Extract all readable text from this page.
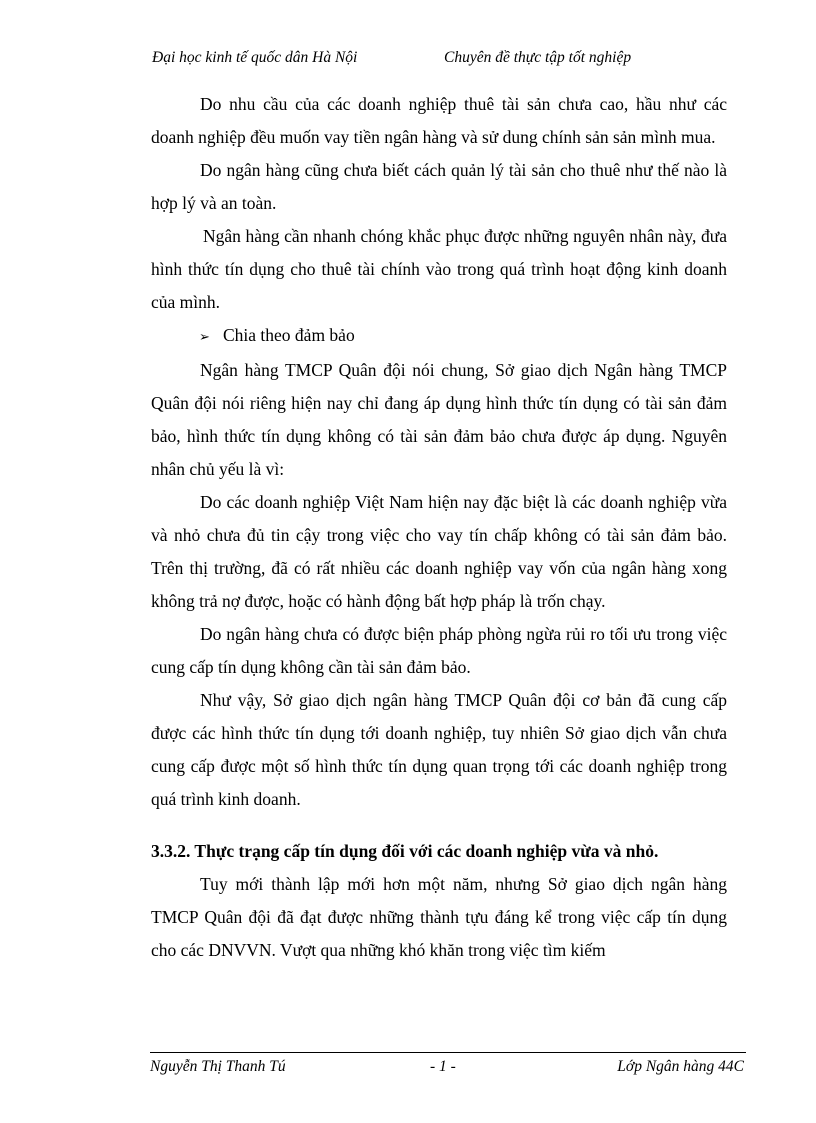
Đại học kinh tế quốc dân Hà Nội	Chuyên đề thực tập tốt nghiệp

Do nhu cầu của các doanh nghiệp thuê tài sản chưa cao, hầu như các doanh nghiệp đều muốn vay tiền ngân hàng và sử dung chính sản sản mình mua.

Do ngân hàng cũng chưa biết cách quản lý tài sản cho thuê như thế nào là hợp lý và an toàn.

Ngân hàng cần nhanh chóng khắc phục được những nguyên nhân này, đưa hình thức tín dụng cho thuê tài chính vào trong quá trình hoạt động kinh doanh của mình.

➢ Chia theo đảm bảo

Ngân hàng TMCP Quân đội nói chung, Sở giao dịch Ngân hàng TMCP Quân đội nói riêng hiện nay chỉ đang áp dụng hình thức tín dụng có tài sản đảm bảo, hình thức tín dụng không có tài sản đảm bảo chưa được áp dụng. Nguyên nhân chủ yếu là vì:

Do các doanh nghiệp Việt Nam hiện nay đặc biệt là các doanh nghiệp vừa và nhỏ chưa đủ tin cậy trong việc cho vay tín chấp không có tài sản đảm bảo. Trên thị trường, đã có rất nhiều các doanh nghiệp vay vốn của ngân hàng xong không trả nợ được, hoặc có hành động bất hợp pháp là trốn chạy.

Do ngân hàng chưa có được biện pháp phòng ngừa rủi ro tối ưu trong việc cung cấp tín dụng không cần tài sản đảm bảo.

Như vậy, Sở giao dịch ngân hàng TMCP Quân đội cơ bản đã cung cấp được các hình thức tín dụng tới doanh nghiệp, tuy nhiên Sở giao dịch vẫn chưa cung cấp được một số hình thức tín dụng quan trọng tới các doanh nghiệp trong quá trình kinh doanh.

3.3.2. Thực trạng cấp tín dụng đối với các doanh nghiệp vừa và nhỏ.

Tuy mới thành lập mới hơn một năm, nhưng Sở giao dịch ngân hàng TMCP Quân đội đã đạt được những thành tựu đáng kể trong việc cấp tín dụng cho các DNVVN. Vượt qua những khó khăn trong việc tìm kiếm

Nguyễn Thị Thanh Tú	- 1 -	Lớp Ngân hàng 44C
